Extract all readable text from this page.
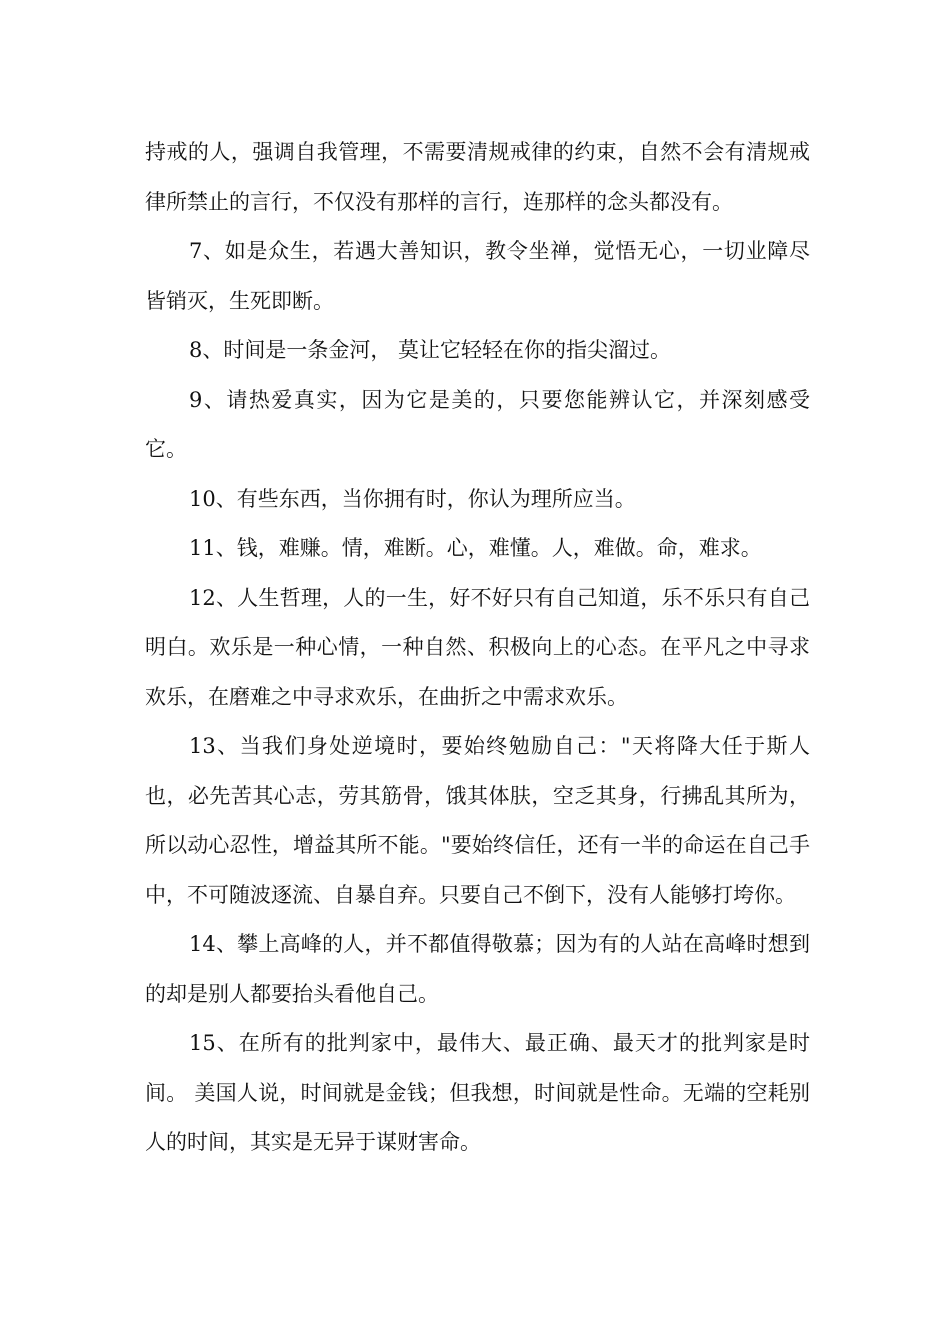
持戒的人，强调自我管理，不需要清规戒律的约束，自然不会有清规戒律所禁止的言行，不仅没有那样的言行，连那样的念头都没有。

7、如是众生，若遇大善知识，教令坐禅，觉悟无心，一切业障尽皆销灭，生死即断。

8、时间是一条金河， 莫让它轻轻在你的指尖溜过。

9、请热爱真实，因为它是美的，只要您能辨认它，并深刻感受它。

10、有些东西，当你拥有时，你认为理所应当。

11、钱，难赚。情，难断。心，难懂。人，难做。命，难求。

12、人生哲理，人的一生，好不好只有自己知道，乐不乐只有自己明白。欢乐是一种心情，一种自然、积极向上的心态。在平凡之中寻求欢乐，在磨难之中寻求欢乐，在曲折之中需求欢乐。

13、当我们身处逆境时，要始终勉励自己："天将降大任于斯人也，必先苦其心志，劳其筋骨，饿其体肤，空乏其身，行拂乱其所为，所以动心忍性，增益其所不能。"要始终信任，还有一半的命运在自己手中，不可随波逐流、自暴自弃。只要自己不倒下，没有人能够打垮你。

14、攀上高峰的人，并不都值得敬慕；因为有的人站在高峰时想到的却是别人都要抬头看他自己。

15、在所有的批判家中，最伟大、最正确、最天才的批判家是时间。 美国人说，时间就是金钱；但我想，时间就是性命。无端的空耗别人的时间，其实是无异于谋财害命。
